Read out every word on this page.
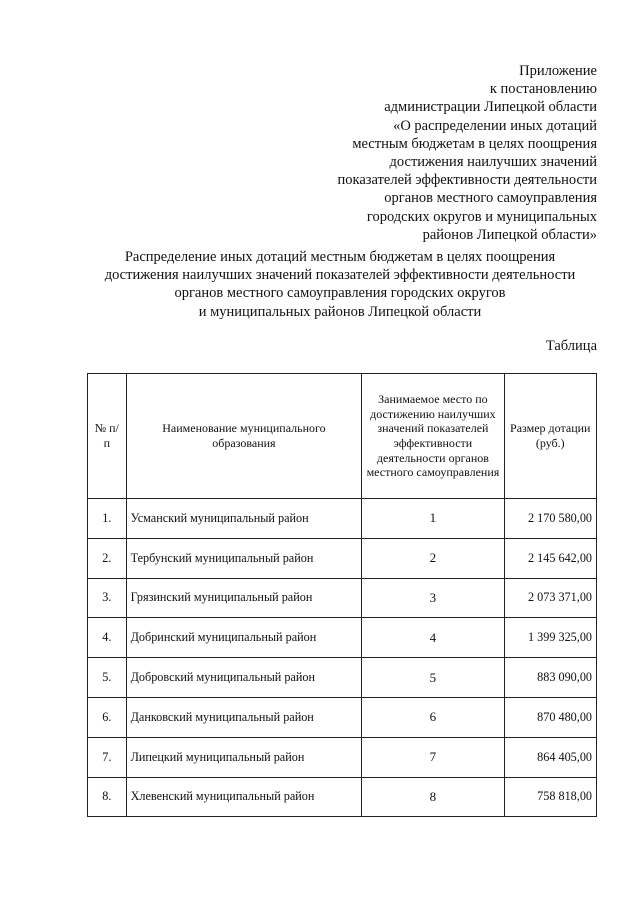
Приложение
к постановлению
администрации Липецкой области
«О распределении иных дотаций
местным бюджетам в целях поощрения
достижения наилучших значений
показателей эффективности деятельности
органов местного самоуправления
городских округов и муниципальных
районов Липецкой области»
Распределение иных дотаций местным бюджетам в целях поощрения
достижения наилучших значений показателей эффективности деятельности
органов местного самоуправления городских округов
и муниципальных районов Липецкой области
Таблица
№ п/п	Наименование муниципального образования	Занимаемое место по достижению наилучших значений показателей эффективности деятельности органов местного самоуправления	Размер дотации (руб.)
1.	Усманский муниципальный район	1	2 170 580,00
2.	Тербунский муниципальный район	2	2 145 642,00
3.	Грязинский муниципальный район	3	2 073 371,00
4.	Добринский муниципальный район	4	1 399 325,00
5.	Добровский муниципальный район	5	883 090,00
6.	Данковский муниципальный район	6	870 480,00
7.	Липецкий муниципальный район	7	864 405,00
8.	Хлевенский муниципальный район	8	758 818,00
